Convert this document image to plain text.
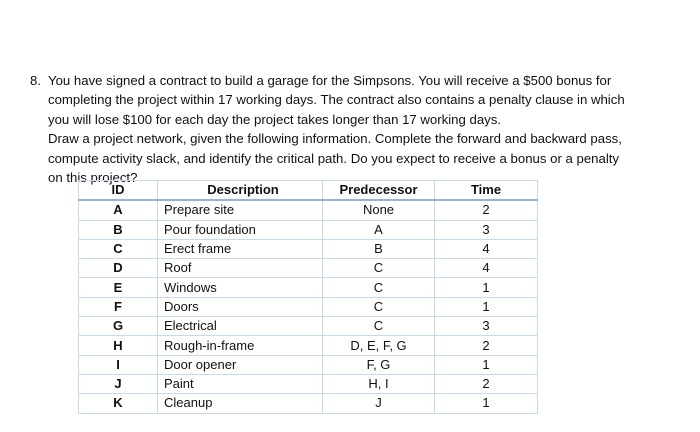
8. You have signed a contract to build a garage for the Simpsons. You will receive a $500 bonus for
completing the project within 17 working days. The contract also contains a penalty clause in which
you will lose $100 for each day the project takes longer than 17 working days.

Draw a project network, given the following information. Complete the forward and backward pass,
compute activity slack, and identify the critical path. Do you expect to receive a bonus or a penalty
on this project?

ID	Description	Predecessor	Time
A	Prepare site	None	2
B	Pour foundation	A	3
C	Erect frame	B	4
D	Roof	C	4
E	Windows	C	1
F	Doors	C	1
G	Electrical	C	3
H	Rough-in-frame	D, E, F, G	2
I	Door opener	F, G	1
J	Paint	H, I	2
K	Cleanup	J	1
